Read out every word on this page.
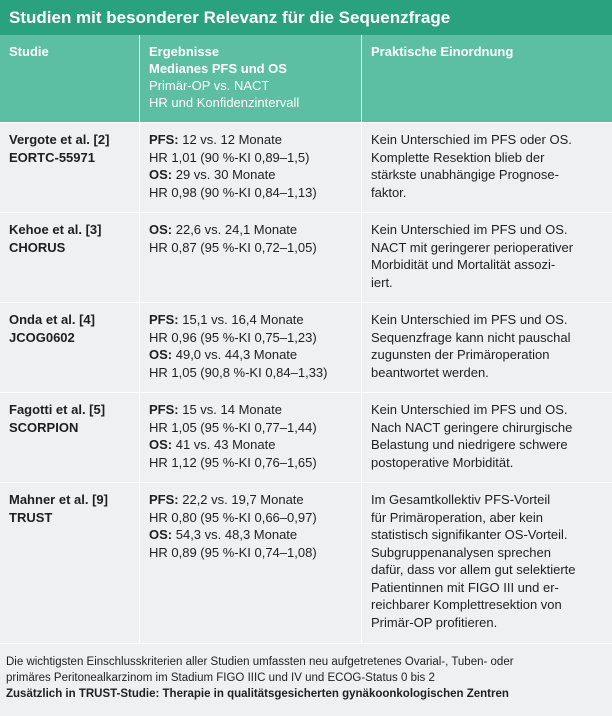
Studien mit besonderer Relevanz für die Sequenzfrage
Studie	Ergebnisse
Medianes PFS und OS
Primär-OP vs. NACT
HR und Konfidenzintervall
Praktische Einordnung
Vergote et al. [2]
EORTC-55971
PFS: 12 vs. 12 Monate
HR 1,01 (90 %-KI 0,89–1,5)
OS: 29 vs. 30 Monate
HR 0,98 (90 %-KI 0,84–1,13)
Kein Unterschied im PFS oder OS.
Komplette Resektion blieb der
stärkste unabhängige Prognose-
faktor.
Kehoe et al. [3]
CHORUS
OS: 22,6 vs. 24,1 Monate
HR 0,87 (95 %-KI 0,72–1,05)
Kein Unterschied im PFS und OS.
NACT mit geringerer perioperativer
Morbidität und Mortalität assozi-
iert.
Onda et al. [4]
JCOG0602
PFS: 15,1 vs. 16,4 Monate
HR 0,96 (95 %-KI 0,75–1,23)
OS: 49,0 vs. 44,3 Monate
HR 1,05 (90,8 %-KI 0,84–1,33)
Kein Unterschied im PFS und OS.
Sequenzfrage kann nicht pauschal
zugunsten der Primäroperation
beantwortet werden.
Fagotti et al. [5]
SCORPION
PFS: 15 vs. 14 Monate
HR 1,05 (95 %-KI 0,77–1,44)
OS: 41 vs. 43 Monate
HR 1,12 (95 %-KI 0,76–1,65)
Kein Unterschied im PFS und OS.
Nach NACT geringere chirurgische
Belastung und niedrigere schwere
postoperative Morbidität.
Mahner et al. [9]
TRUST
PFS: 22,2 vs. 19,7 Monate
HR 0,80 (95 %-KI 0,66–0,97)
OS: 54,3 vs. 48,3 Monate
HR 0,89 (95 %-KI 0,74–1,08)
Im Gesamtkollektiv PFS-Vorteil
für Primäroperation, aber kein
statistisch signifikanter OS-Vorteil.
Subgruppenanalysen sprechen
dafür, dass vor allem gut selektierte
Patientinnen mit FIGO III und er-
reichbarer Komplettresektion von
Primär-OP profitieren.
Die wichtigsten Einschlusskriterien aller Studien umfassten neu aufgetretenes Ovarial-, Tuben- oder
primäres Peritonealkarzinom im Stadium FIGO IIIC und IV und ECOG-Status 0 bis 2
Zusätzlich in TRUST-Studie: Therapie in qualitätsgesicherten gynäkoonkologischen Zentren
